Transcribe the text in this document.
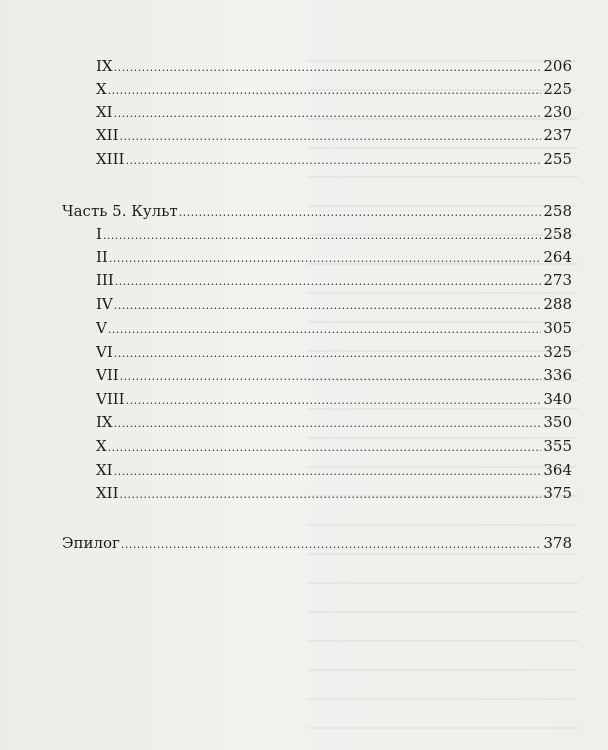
IX .....	206
X .....	225
XI .....	230
XII .....	237
XIII .....	255
Часть 5. Культ .....	258
I .....	258
II .....	264
III .....	273
IV .....	288
V .....	305
VI .....	325
VII .....	336
VIII .....	340
IX .....	350
X .....	355
XI .....	364
XII .....	375
Эпилог .....	378
